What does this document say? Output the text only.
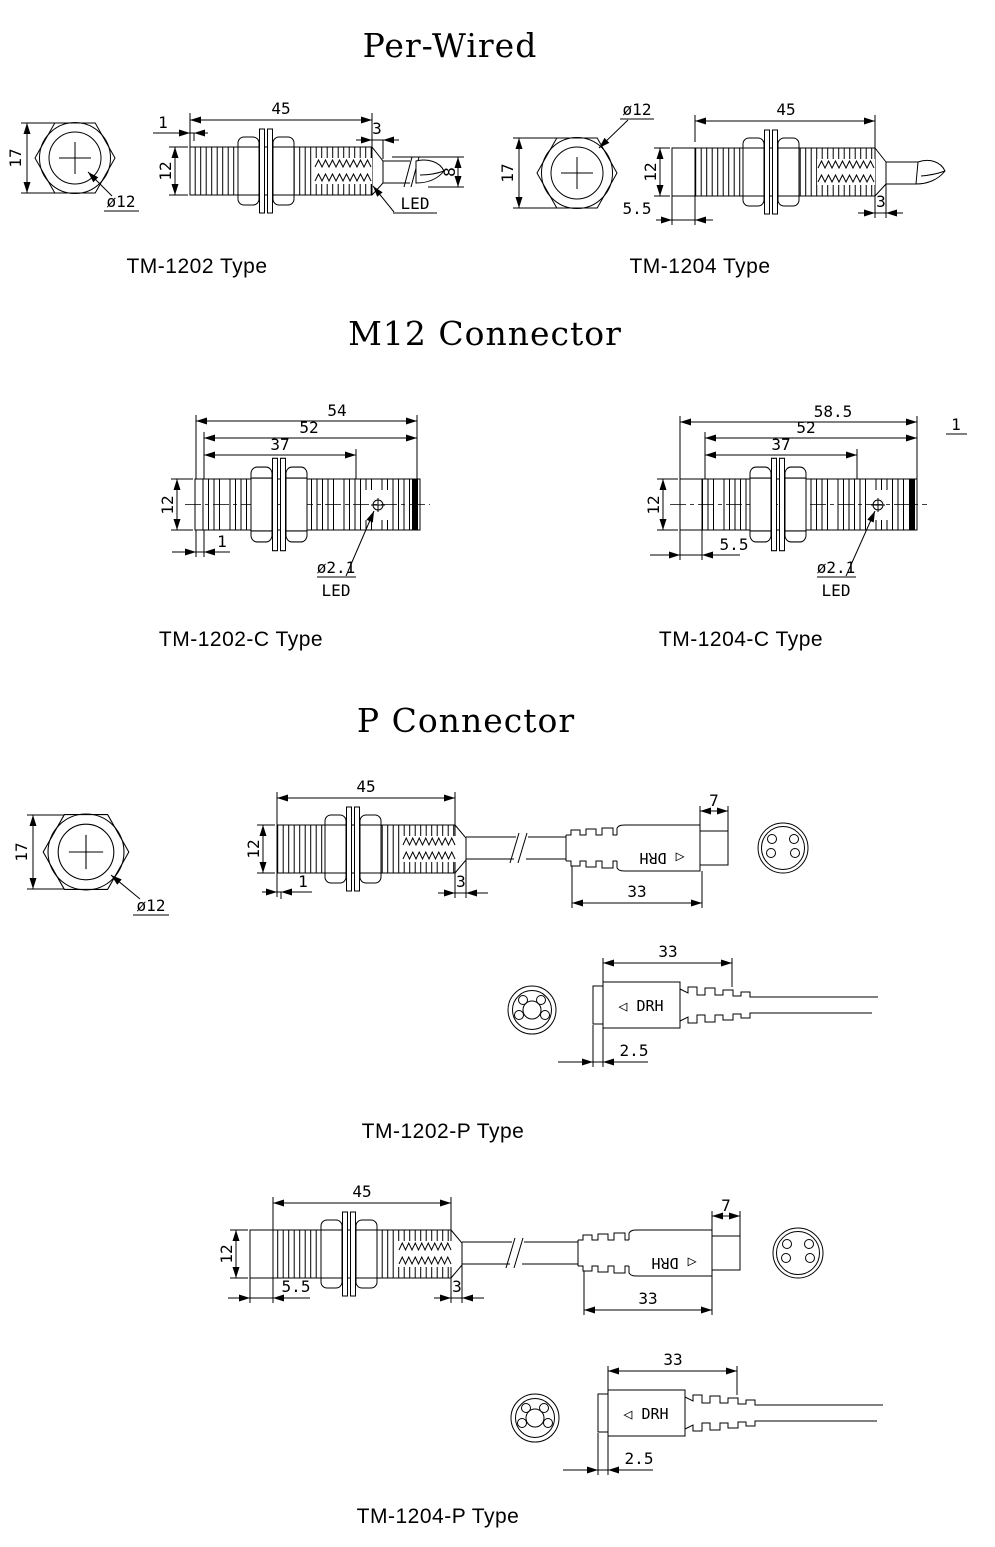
Per-Wired
M12 Connector
P Connector
17
ø12
45
1	3
12	8
LED
TM-1202 Type
17
ø12	45
12
5.5	3
TM-1204 Type
54
52
37
12
1
ø2.1
LED
TM-1202-C Type
58.5
52
37
12
5.5
ø2.1
LED
1
TM-1204-C Type
17
ø12
◁ DRH
45
12
1	3
7
33
◁ DRH
33
2.5
TM-1202-P Type
◁ DRH
45
12
5.5	3
7
33
◁ DRH
33
2.5
TM-1204-P Type
